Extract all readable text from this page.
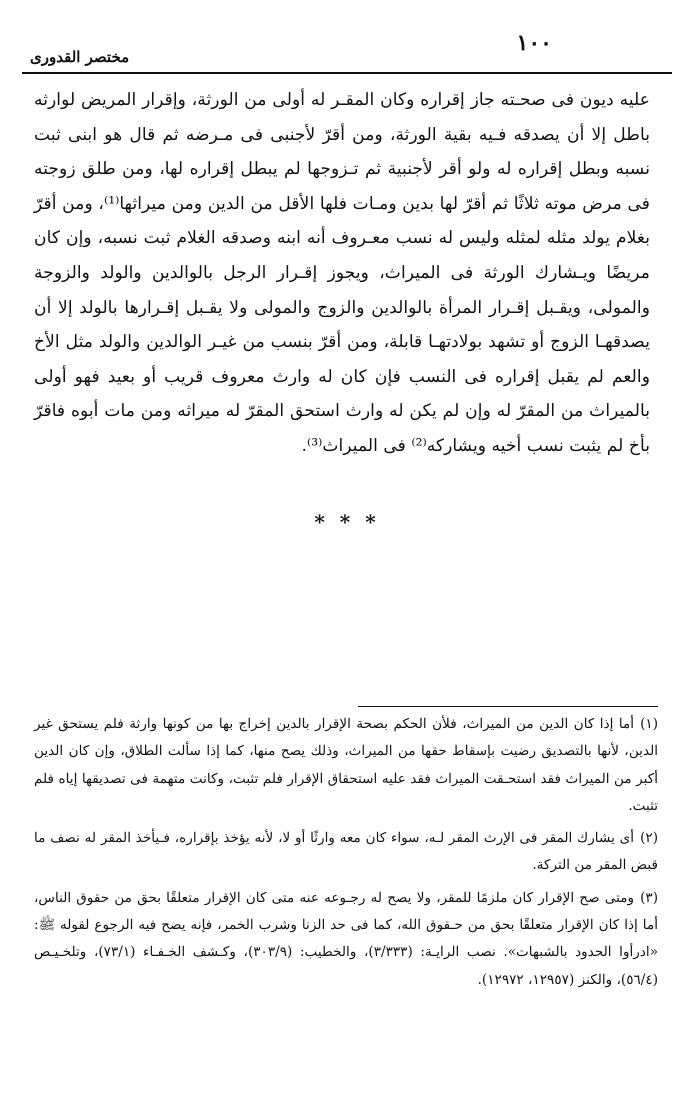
١٠٠
مختصر القدورى

عليه ديون فى صحـته جاز إقراره وكان المقـر له أولى من الورثة، وإقرار المريض لوارثه باطل إلا أن يصدقه فـيه بقية الورثة، ومن أقرّ لأجنبى فى مـرضه ثم قال هو ابنى ثبت نسبه وبطل إقراره له ولو أقر لأجنبية ثم تـزوجها لم يبطل إقراره لها، ومن طلق زوجته فى مرض موته ثلاثًا ثم أقرّ لها بدين ومـات فلها الأقل من الدين ومن ميراثها⁽¹⁾، ومن أقرّ بغلام يولد مثله لمثله وليس له نسب معـروف أنه ابنه وصدقه الغلام ثبت نسبه، وإن كان مريضًا ويـشارك الورثة فى الميراث، ويجوز إقـرار الرجل بالوالدين والولد والزوجة والمولى، ويقـبل إقـرار المرأة بالوالدين والزوج والمولى ولا يقـبل إقـرارها بالولد إلا أن يصدقهـا الزوج أو تشهد بولادتهـا قابلة، ومن أقرّ بنسب من غيـر الوالدين والولد مثل الأخ والعم لم يقبل إقراره فى النسب فإن كان له وارث معروف قريب أو بعيد فهو أولى بالميراث من المقرّ له وإن لم يكن له وارث استحق المقرّ له ميراثه ومن مات أبوه فاقرّ بأخ لم يثبت نسب أخيه ويشاركه⁽²⁾ فى الميراث⁽³⁾.

* * *

(١)أما إذا كان الدين من الميراث، فلأن الحكم بصحة الإقرار بالدين إخراج بها من كونها وارثة فلم يستحق غير الدين، لأنها بالتصديق رضيت بإسقاط حقها من الميراث، وذلك يصح منها، كما إذا سألت الطلاق، وإن كان الدين أكبر من الميراث فقد استحـقت الميراث فقد عليه استحقاق الإقرار فلم تثبت، وكانت متهمة فى تصديقها إياه فلم تثبت.

(٢)أى يشارك المقر فى الإرث المقر لـه، سواء كان معه وارثًا أو لا، لأنه يؤخذ بإقراره، فـيأخذ المقر له نصف ما قبض المقر من التركة.

(٣)ومتى صح الإقرار كان ملزمًا للمقر، ولا يصح له رجـوعه عنه متى كان الإقرار متعلقًا بحق من حقوق الناس، أما إذا كان الإقرار متعلقًا بحق من حـقوق الله، كما فى حد الزنا وشرب الخمر، فإنه يصح فيه الرجوع لقوله ﷺ: «ادرأوا الحدود بالشبهات». نصب الرايـة: (٣/٣٣٣)، والخطيب: (٣٠٣/٩)، وكـشف الخـفـاء (٧٣/١)، وتلخـيـص (٥٦/٤)، والكنز (١٢٩٥٧، ١٢٩٧٢).
